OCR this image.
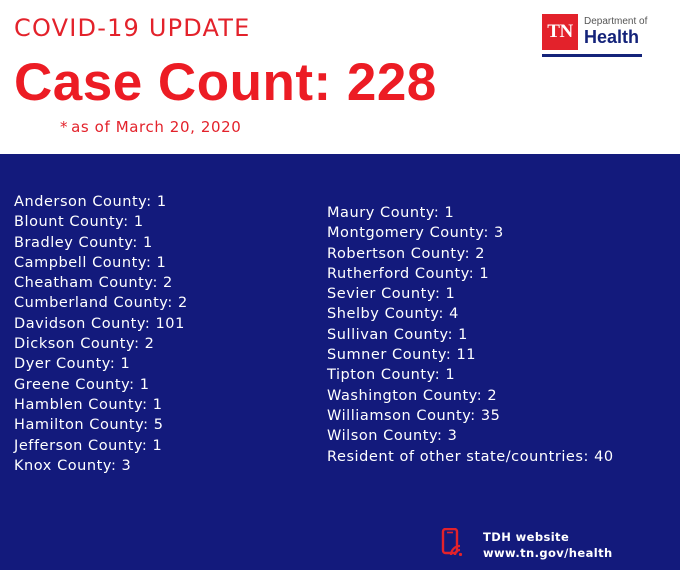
COVID-19 UPDATE
Case Count: 228
* as of March 20, 2020
TN	Department of
Health
Anderson County: 1
Blount County: 1
Bradley County: 1
Campbell County: 1
Cheatham County: 2
Cumberland County: 2
Davidson County: 101
Dickson County: 2
Dyer County: 1
Greene County: 1
Hamblen County: 1
Hamilton County: 5
Jefferson County: 1
Knox County: 3
Maury County: 1
Montgomery County: 3
Robertson County: 2
Rutherford County: 1
Sevier County: 1
Shelby County: 4
Sullivan County: 1
Sumner County: 11
Tipton County: 1
Washington County: 2
Williamson County: 35
Wilson County: 3
Resident of other state/countries: 40
TDH website
www.tn.gov/health
